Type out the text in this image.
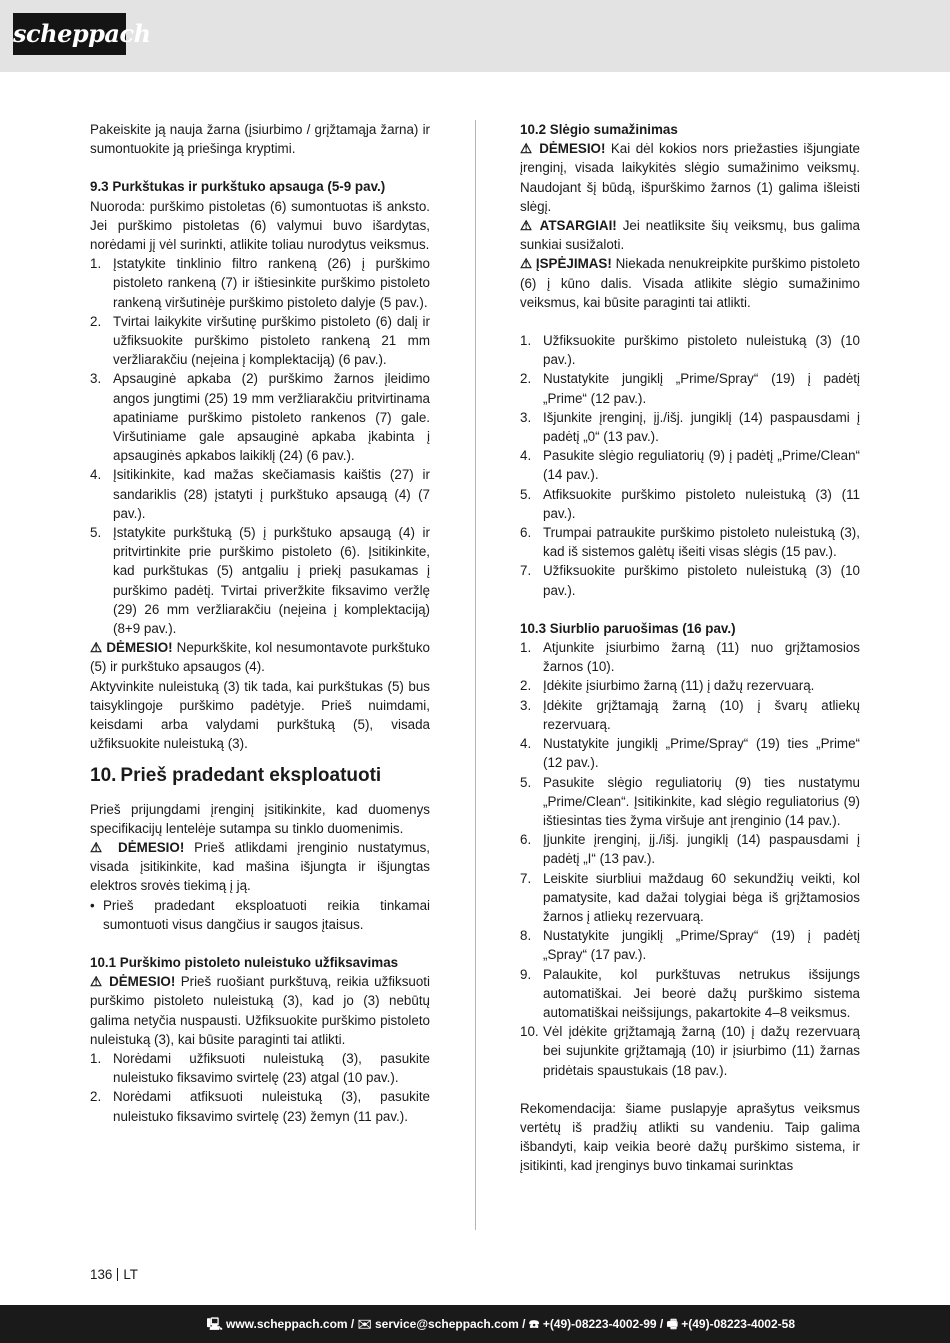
scheppach

Pakeiskite ją nauja žarna (įsiurbimo / grįžtamąja žarna) ir sumontuokite ją priešinga kryptimi.

9.3 Purkštukas ir purkštuko apsauga (5-9 pav.)

Nuoroda: purškimo pistoletas (6) sumontuotas iš anksto. Jei purškimo pistoletas (6) valymui buvo išardytas, norėdami jį vėl surinkti, atlikite toliau nurodytus veiksmus.

1. Įstatykite tinklinio filtro rankeną (26) į purškimo pistoleto rankeną (7) ir ištiesinkite purškimo pistoleto rankeną viršutinėje purškimo pistoleto dalyje (5 pav.).
2. Tvirtai laikykite viršutinę purškimo pistoleto (6) dalį ir užfiksuokite purškimo pistoleto rankeną 21 mm veržliarakčiu (neįeina į komplektaciją) (6 pav.).
3. Apsauginė apkaba (2) purškimo žarnos įleidimo angos jungtimi (25) 19 mm veržliarakčiu pritvirtinama apatiniame purškimo pistoleto rankenos (7) gale. Viršutiniame gale apsauginė apkaba įkabinta į apsauginės apkabos laikiklį (24) (6 pav.).
4. Įsitikinkite, kad mažas skečiamasis kaištis (27) ir sandariklis (28) įstatyti į purkštuko apsaugą (4) (7 pav.).
5. Įstatykite purkštuką (5) į purkštuko apsaugą (4) ir pritvirtinkite prie purškimo pistoleto (6). Įsitikinkite, kad purkštukas (5) antgaliu į priekį pasukamas į purškimo padėtį. Tvirtai priveržkite fiksavimo veržlę (29) 26 mm veržliarakčiu (neįeina į komplektaciją) (8+9 pav.).

⚠ DĖMESIO! Nepurkškite, kol nesumontavote purkštuko (5) ir purkštuko apsaugos (4).

Aktyvinkite nuleistuką (3) tik tada, kai purkštukas (5) bus taisyklingoje purškimo padėtyje. Prieš nuimdami, keisdami arba valydami purkštuką (5), visada užfiksuokite nuleistuką (3).

10. Prieš pradedant eksploatuoti

Prieš prijungdami įrenginį įsitikinkite, kad duomenys specifikacijų lentelėje sutampa su tinklo duomenimis.

⚠ DĖMESIO! Prieš atlikdami įrenginio nustatymus, visada įsitikinkite, kad mašina išjungta ir išjungtas elektros srovės tiekimą į ją.

• Prieš pradedant eksploatuoti reikia tinkamai sumontuoti visus dangčius ir saugos įtaisus.

10.1 Purškimo pistoleto nuleistuko užfiksavimas

⚠ DĖMESIO! Prieš ruošiant purkštuvą, reikia užfiksuoti purškimo pistoleto nuleistuką (3), kad jo (3) nebūtų galima netyčia nuspausti. Užfiksuokite purškimo pistoleto nuleistuką (3), kai būsite paraginti tai atlikti.

1. Norėdami užfiksuoti nuleistuką (3), pasukite nuleistuko fiksavimo svirtelę (23) atgal (10 pav.).
2. Norėdami atfiksuoti nuleistuką (3), pasukite nuleistuko fiksavimo svirtelę (23) žemyn (11 pav.).

10.2 Slėgio sumažinimas

⚠ DĖMESIO! Kai dėl kokios nors priežasties išjungiate įrenginį, visada laikykitės slėgio sumažinimo veiksmų. Naudojant šį būdą, išpurškimo žarnos (1) galima išleisti slėgį.

⚠ ATSARGIAI! Jei neatliksite šių veiksmų, bus galima sunkiai susižaloti.

⚠ ĮSPĖJIMAS! Niekada nenukreipkite purškimo pistoleto (6) į kūno dalis. Visada atlikite slėgio sumažinimo veiksmus, kai būsite paraginti tai atlikti.

1. Užfiksuokite purškimo pistoleto nuleistuką (3) (10 pav.).
2. Nustatykite jungiklį „Prime/Spray“ (19) į padėtį „Prime“ (12 pav.).
3. Išjunkite įrenginį, įj./išj. jungiklį (14) paspausdami į padėtį „0“ (13 pav.).
4. Pasukite slėgio reguliatorių (9) į padėtį „Prime/Clean“ (14 pav.).
5. Atfiksuokite purškimo pistoleto nuleistuką (3) (11 pav.).
6. Trumpai patraukite purškimo pistoleto nuleistuką (3), kad iš sistemos galėtų išeiti visas slėgis (15 pav.).
7. Užfiksuokite purškimo pistoleto nuleistuką (3) (10 pav.).

10.3 Siurblio paruošimas (16 pav.)

1. Atjunkite įsiurbimo žarną (11) nuo grįžtamosios žarnos (10).
2. Įdėkite įsiurbimo žarną (11) į dažų rezervuarą.
3. Įdėkite grįžtamąją žarną (10) į švarų atliekų rezervuarą.
4. Nustatykite jungiklį „Prime/Spray“ (19) ties „Prime“ (12 pav.).
5. Pasukite slėgio reguliatorių (9) ties nustatymu „Prime/Clean“. Įsitikinkite, kad slėgio reguliatorius (9) ištiesintas ties žyma viršuje ant įrenginio (14 pav.).
6. Įjunkite įrenginį, įj./išj. jungiklį (14) paspausdami į padėtį „I“ (13 pav.).
7. Leiskite siurbliui maždaug 60 sekundžių veikti, kol pamatysite, kad dažai tolygiai bėga iš grįžtamosios žarnos į atliekų rezervuarą.
8. Nustatykite jungiklį „Prime/Spray“ (19) į padėtį „Spray“ (17 pav.).
9. Palaukite, kol purkštuvas netrukus išsijungs automatiškai. Jei beorė dažų purškimo sistema automatiškai neišsijungs, pakartokite 4–8 veiksmus.
10. Vėl įdėkite grįžtamąją žarną (10) į dažų rezervuarą bei sujunkite grįžtamąją (10) ir įsiurbimo (11) žarnas pridėtais spaustukais (18 pav.).

Rekomendacija: šiame puslapyje aprašytus veiksmus vertėtų iš pradžių atlikti su vandeniu. Taip galima išbandyti, kaip veikia beorė dažų purškimo sistema, ir įsitikinti, kad įrenginys buvo tinkamai surinktas

136 LT
🖳 www.scheppach.com / ✉ service@scheppach.com / ☎ +(49)-08223-4002-99 / 🖷 +(49)-08223-4002-58
